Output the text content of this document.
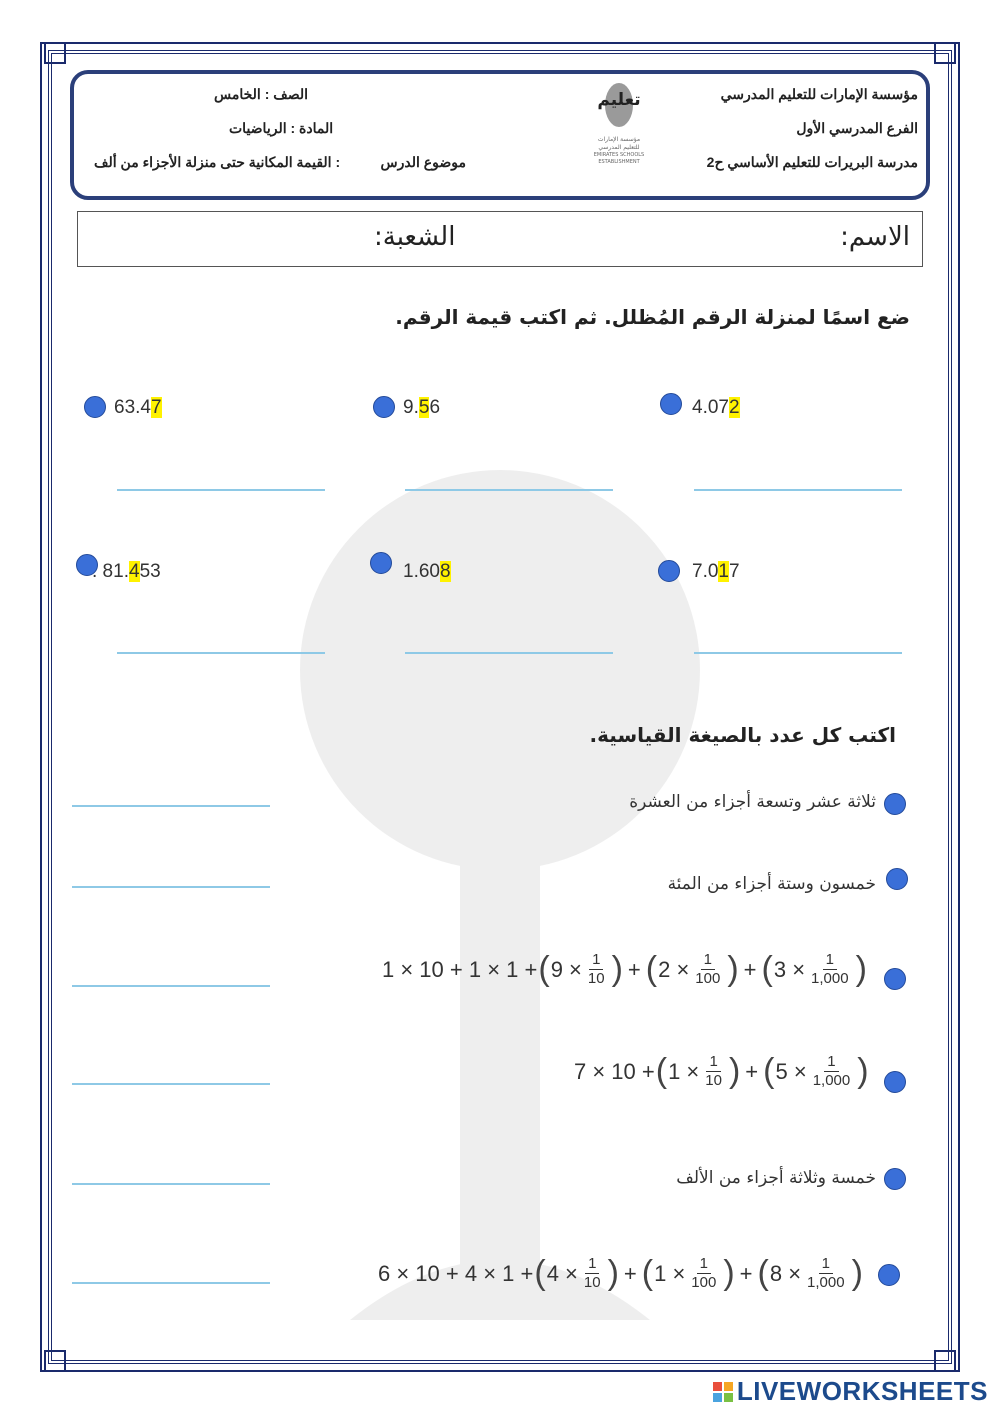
مؤسسة الإمارات للتعليم المدرسي
الفرع المدرسي الأول
مدرسة البريرات للتعليم الأساسي ح2
الصف : الخامس
المادة : الرياضيات
موضوع الدرس
: القيمة المكانية حتى منزلة الأجزاء من ألف
تعليم
مؤسسة الإمارات للتعليم المدرسي
EMIRATES SCHOOLS ESTABLISHMENT
الاسم:
الشعبة:
ضع اسمًا لمنزلة الرقم المُظلل. ثم اكتب قيمة الرقم.
63.47	9.56	4.072
. 81.453	1.608	7.017
اكتب كل عدد بالصيغة القياسية.
ثلاثة عشر وتسعة أجزاء من العشرة
خمسون وستة أجزاء من المئة
1 × 10 + 1 × 1 + ( $9 \times \frac{1}{10}$ ) + ( $2 \times \frac{1}{100}$ ) + ( $3 \times \frac{1}{1,000}$ )
7 × 10 + ( $1 \times \frac{1}{10}$ ) + ( $5 \times \frac{1}{1,000}$ )
خمسة وثلاثة أجزاء من الألف
6 × 10 + 4 × 1 + ( $4 \times \frac{1}{10}$ ) + ( $1 \times \frac{1}{100}$ ) + ( $8 \times \frac{1}{1,000}$ )
LIVEWORKSHEETS
